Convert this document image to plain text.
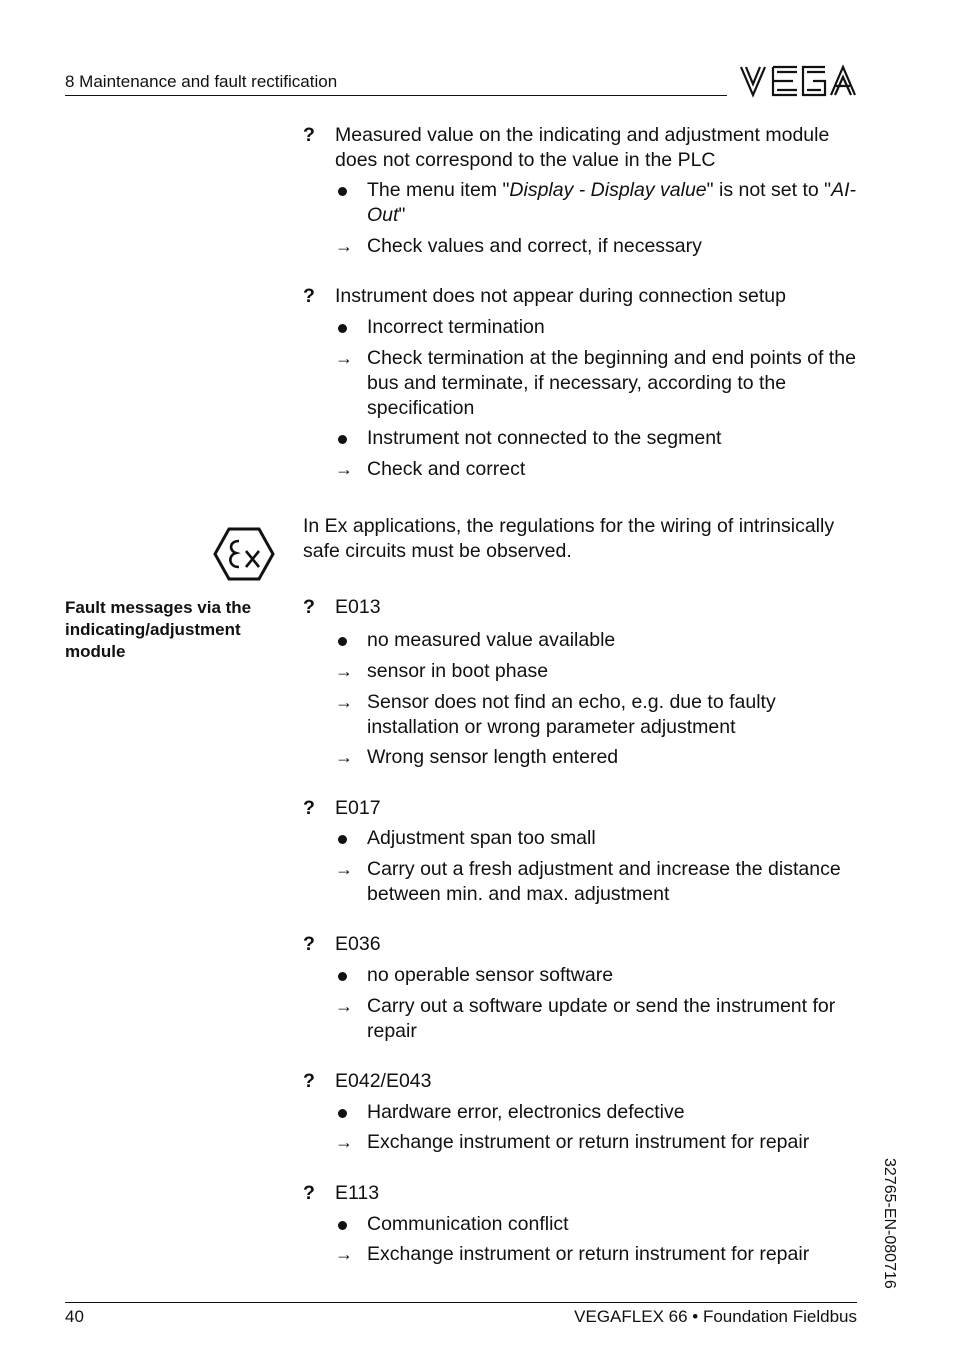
8 Maintenance and fault rectification
?	Measured value on the indicating and adjustment module does not correspond to the value in the PLC
The menu item "Display - Display value" is not set to "AI-Out"
→ Check values and correct, if necessary
?	Instrument does not appear during connection setup
Incorrect termination
→ Check termination at the beginning and end points of the bus and terminate, if necessary, according to the specification
Instrument not connected to the segment
→ Check and correct
In Ex applications, the regulations for the wiring of intrinsically safe circuits must be observed.
Fault messages via the indicating/adjustment module
?	E013
no measured value available
→ sensor in boot phase
→ Sensor does not find an echo, e.g. due to faulty installation or wrong parameter adjustment
→ Wrong sensor length entered
?	E017
Adjustment span too small
→ Carry out a fresh adjustment and increase the distance between min. and max. adjustment
?	E036
no operable sensor software
→ Carry out a software update or send the instrument for repair
?	E042/E043
Hardware error, electronics defective
→ Exchange instrument or return instrument for repair
?	E113
Communication conflict
→ Exchange instrument or return instrument for repair	32765-EN-080716
40	VEGAFLEX 66 • Foundation Fieldbus
